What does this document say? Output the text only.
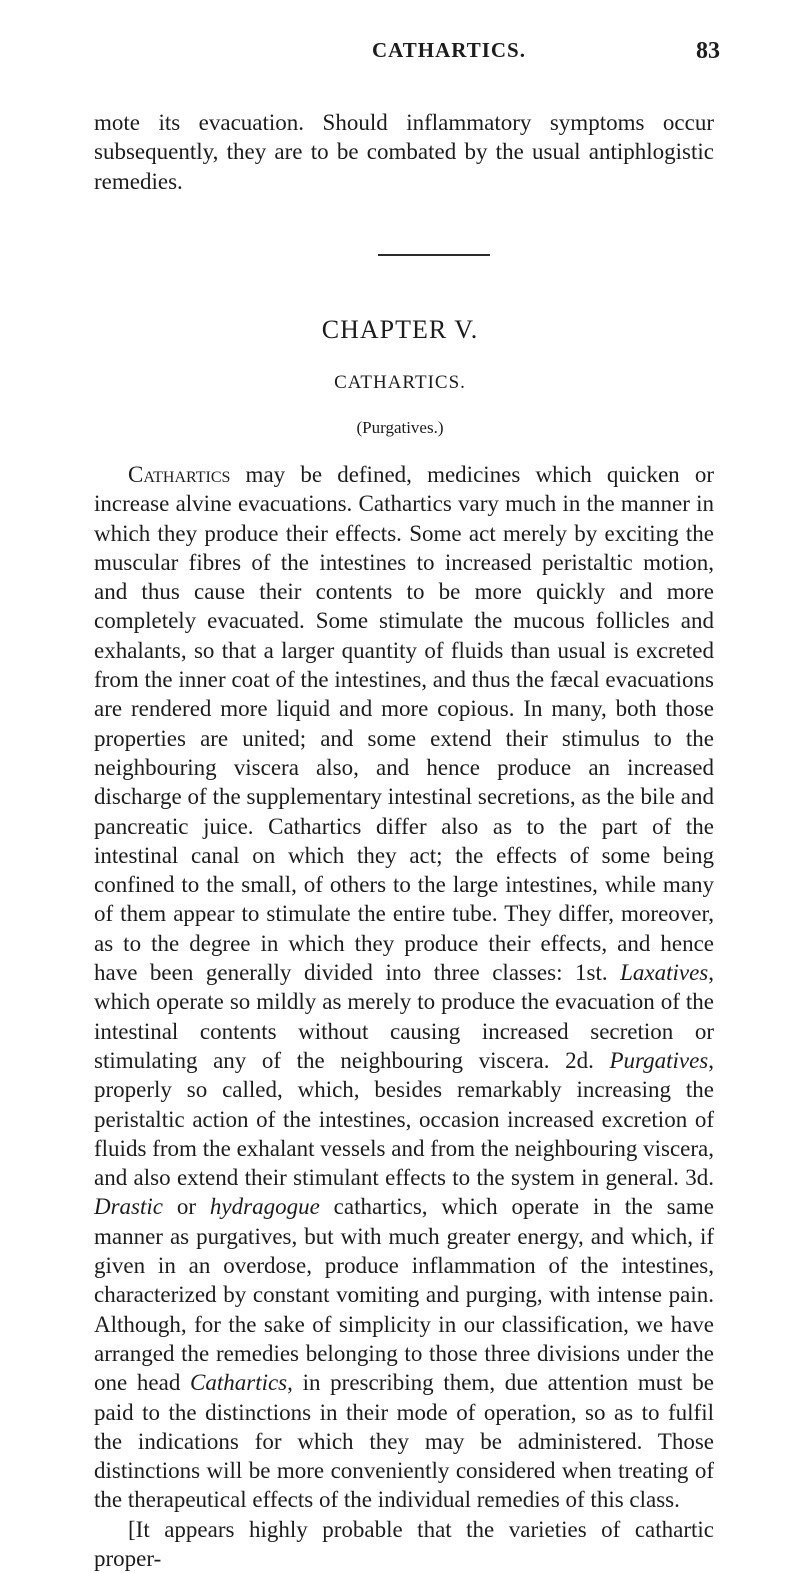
CATHARTICS.	83

mote its evacuation. Should inflammatory symptoms occur subsequently, they are to be combated by the usual antiphlogistic remedies.

CHAPTER V.
CATHARTICS.

(Purgatives.)

Cathartics may be defined, medicines which quicken or increase alvine evacuations. Cathartics vary much in the manner in which they produce their effects. Some act merely by exciting the muscular fibres of the intestines to increased peristaltic motion, and thus cause their contents to be more quickly and more completely evacuated. Some stimulate the mucous follicles and exhalants, so that a larger quantity of fluids than usual is excreted from the inner coat of the intestines, and thus the fæcal evacuations are rendered more liquid and more copious. In many, both those properties are united; and some extend their stimulus to the neighbouring viscera also, and hence produce an increased discharge of the supplementary intestinal secretions, as the bile and pancreatic juice. Cathartics differ also as to the part of the intestinal canal on which they act; the effects of some being confined to the small, of others to the large intestines, while many of them appear to stimulate the entire tube. They differ, moreover, as to the degree in which they produce their effects, and hence have been generally divided into three classes: 1st. Laxatives, which operate so mildly as merely to produce the evacuation of the intestinal contents without causing increased secretion or stimulating any of the neighbouring viscera. 2d. Purgatives, properly so called, which, besides remarkably increasing the peristaltic action of the intestines, occasion increased excretion of fluids from the exhalant vessels and from the neighbouring viscera, and also extend their stimulant effects to the system in general. 3d. Drastic or hydragogue cathartics, which operate in the same manner as purgatives, but with much greater energy, and which, if given in an overdose, produce inflammation of the intestines, characterized by constant vomiting and purging, with intense pain. Although, for the sake of simplicity in our classification, we have arranged the remedies belonging to those three divisions under the one head Cathartics, in prescribing them, due attention must be paid to the distinctions in their mode of operation, so as to fulfil the indications for which they may be administered. Those distinctions will be more conveniently considered when treating of the therapeutical effects of the individual remedies of this class.

[It appears highly probable that the varieties of cathartic proper-
